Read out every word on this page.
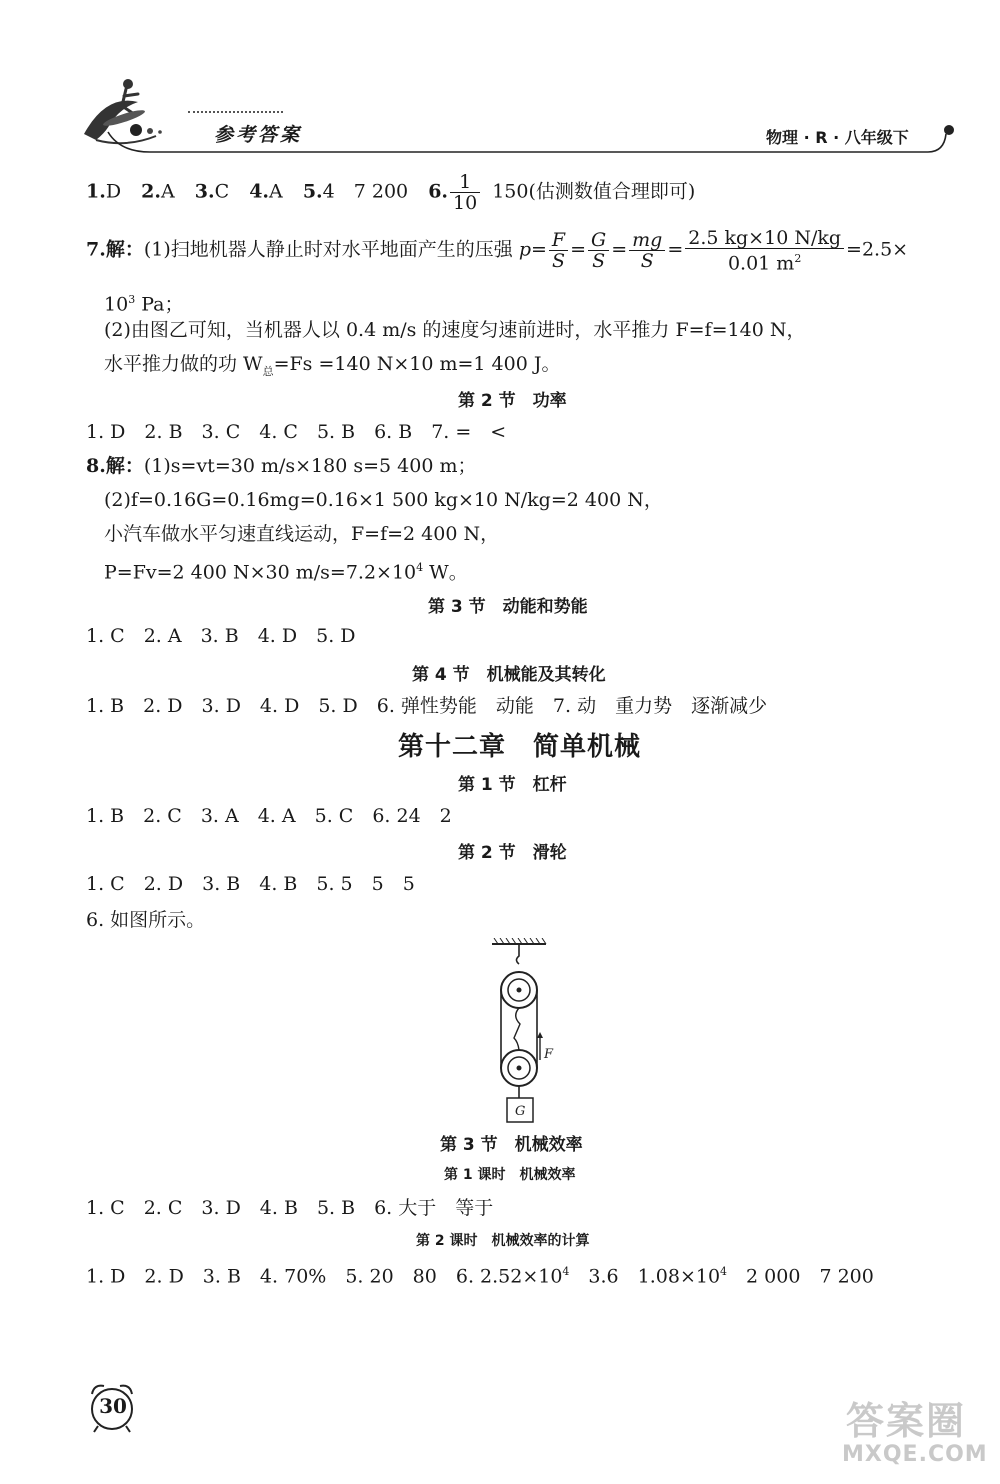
参考答案	物理 · R · 八年级下
1.D 2.A 3.C 4.A 5.4　7 200 6. $\frac{1}{10} 150$(估测数值合理即可)
7.解：(1)扫地机器人静止时对水平地面产生的压强 $p= \frac{F}{S} = \frac{G}{S} = \frac{mg}{S} = \frac{2.5 kg\times 10 N/kg}{0.01 m^2} =2.5\times$
$10^3$ Pa；
(2)由图乙可知，当机器人以 0.4 m/s 的速度匀速前进时，水平推力 F=f=140 N，
水平推力做的功 $W_总=Fs =140$ N×10 m=1 400 J。
第 2 节　功率
1. D　2. B　3. C　4. C　5. B　6. B　7. =　<
8.解：(1)s=vt=30 m/s×180 s=5 400 m；
(2)f=0.16G=0.16mg=0.16×1 500 kg×10 N/kg=2 400 N，
小汽车做水平匀速直线运动，F=f=2 400 N，
P=Fv=2 400 N×30 $m/s=7.2\times 10^4$ W。
第 3 节　动能和势能
1. C　2. A　3. B　4. D　5. D
第 4 节　机械能及其转化
1. B　2. D　3. D　4. D　5. D　6. 弹性势能　动能　7. 动　重力势　逐渐减少
第十二章　简单机械
第 1 节　杠杆
1. B　2. C　3. A　4. A　5. C　6. 24　2
第 2 节　滑轮
1. C　2. D　3. B　4. B　5. 5　5　5
6. 如图所示。
F
G
第 3 节　机械效率
第 1 课时　机械效率
1. C　2. C　3. D　4. B　5. B　6. 大于　等于
第 2 课时　机械效率的计算
1. D　2. D　3. B　4. 70%　5. 20　80　6. $2.52\times 10^4$　3.6　$1.08\times 10^4$　2 000　7 200
30	答案圈
MXQE.COM
